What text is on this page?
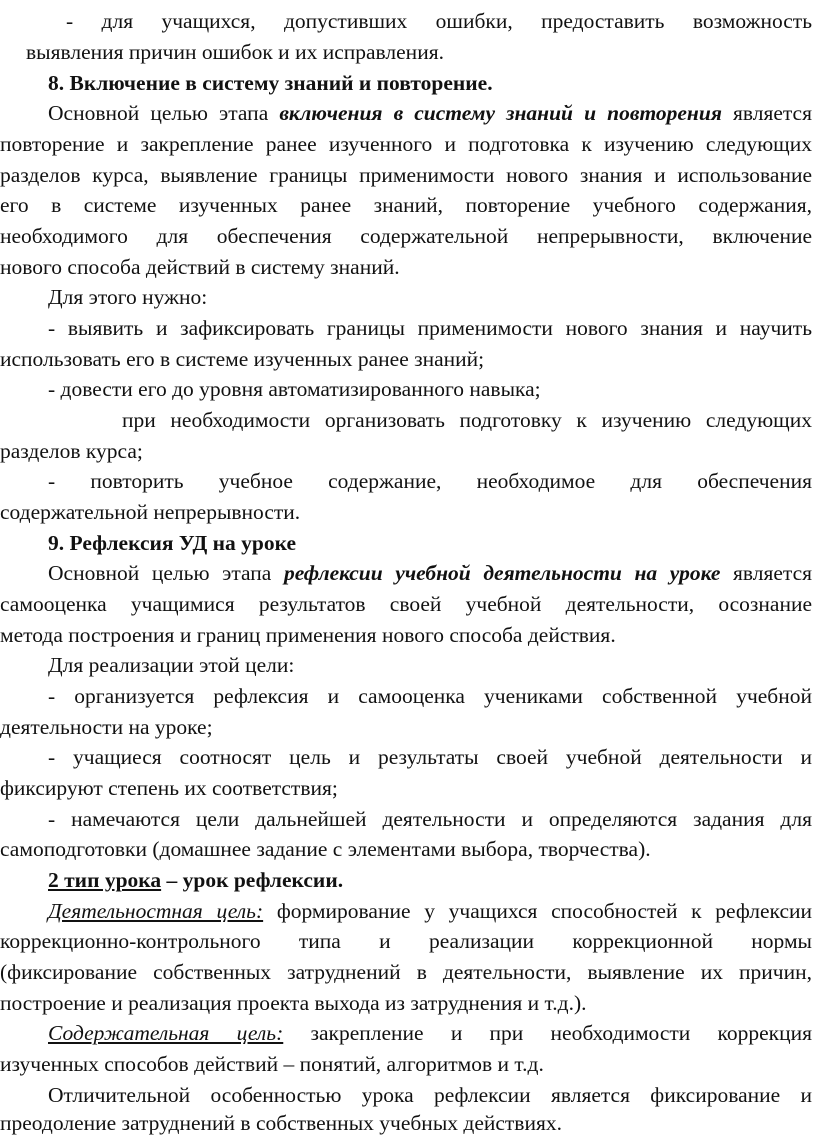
- для учащихся, допустивших ошибки, предоставить возможность
выявления причин ошибок и их исправления.
8. Включение в систему знаний и повторение.
Основной целью этапа включения в систему знаний и повторения является
повторение и закрепление ранее изученного и подготовка к изучению следующих
разделов курса, выявление границы применимости нового знания и использование
его в системе изученных ранее знаний, повторение учебного содержания,
необходимого для обеспечения содержательной непрерывности, включение
нового способа действий в систему знаний.
Для этого нужно:
- выявить и зафиксировать границы применимости нового знания и научить
использовать его в системе изученных ранее знаний;
- довести его до уровня автоматизированного навыка;
при необходимости организовать подготовку к изучению следующих
разделов курса;
- повторить учебное содержание, необходимое для обеспечения
содержательной непрерывности.
9. Рефлексия УД на уроке
Основной целью этапа рефлексии учебной деятельности на уроке является
самооценка учащимися результатов своей учебной деятельности, осознание
метода построения и границ применения нового способа действия.
Для реализации этой цели:
- организуется рефлексия и самооценка учениками собственной учебной
деятельности на уроке;
- учащиеся соотносят цель и результаты своей учебной деятельности и
фиксируют степень их соответствия;
- намечаются цели дальнейшей деятельности и определяются задания для
самоподготовки (домашнее задание с элементами выбора, творчества).
2 тип урока – урок рефлексии.
Деятельностная цель: формирование у учащихся способностей к рефлексии
коррекционно-контрольного типа и реализации коррекционной нормы
(фиксирование собственных затруднений в деятельности, выявление их причин,
построение и реализация проекта выхода из затруднения и т.д.).
Содержательная цель: закрепление и при необходимости коррекция
изученных способов действий – понятий, алгоритмов и т.д.
Отличительной особенностью урока рефлексии является фиксирование и
преодоление затруднений в собственных учебных действиях.
